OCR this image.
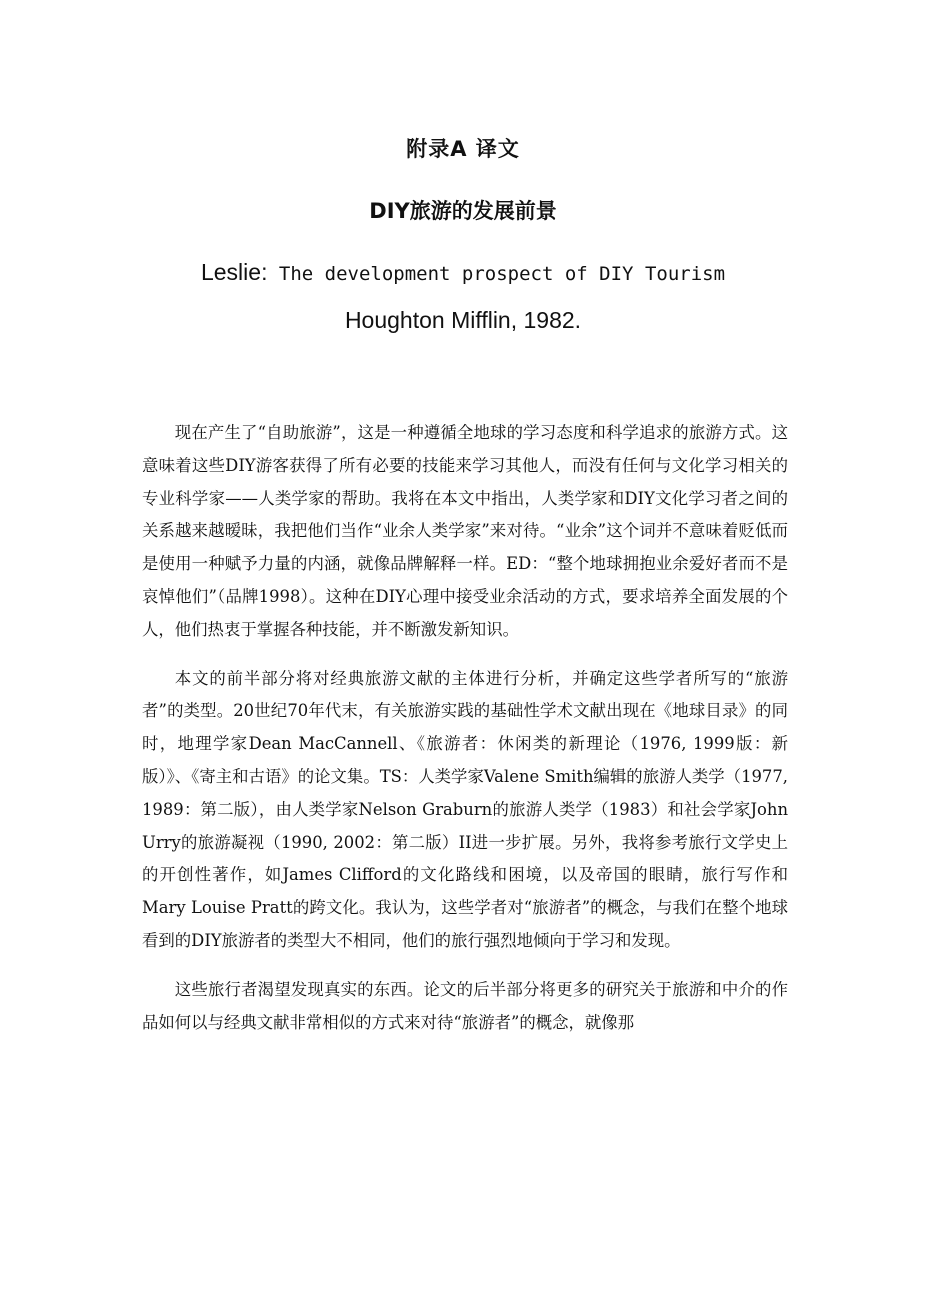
附录A 译文
DIY旅游的发展前景
Leslie: The development prospect of DIY Tourism
Houghton Mifflin, 1982.

现在产生了“自助旅游”，这是一种遵循全地球的学习态度和科学追求的旅游方式。这意味着这些DIY游客获得了所有必要的技能来学习其他人，而没有任何与文化学习相关的专业科学家——人类学家的帮助。我将在本文中指出，人类学家和DIY文化学习者之间的关系越来越暧昧，我把他们当作“业余人类学家”来对待。“业余”这个词并不意味着贬低而是使用一种赋予力量的内涵，就像品牌解释一样。ED：“整个地球拥抱业余爱好者而不是哀悼他们”（品牌1998）。这种在DIY心理中接受业余活动的方式，要求培养全面发展的个人，他们热衷于掌握各种技能，并不断激发新知识。

本文的前半部分将对经典旅游文献的主体进行分析，并确定这些学者所写的“旅游者”的类型。20世纪70年代末，有关旅游实践的基础性学术文献出现在《地球目录》的同时，地理学家Dean MacCannell、《旅游者：休闲类的新理论（1976, 1999版：新版）》、《寄主和古语》的论文集。TS：人类学家Valene Smith编辑的旅游人类学（1977, 1989：第二版），由人类学家Nelson Graburn的旅游人类学（1983）和社会学家John Urry的旅游凝视（1990, 2002：第二版）II进一步扩展。另外，我将参考旅行文学史上的开创性著作，如James Clifford的文化路线和困境，以及帝国的眼睛，旅行写作和Mary Louise Pratt的跨文化。我认为，这些学者对“旅游者”的概念，与我们在整个地球看到的DIY旅游者的类型大不相同，他们的旅行强烈地倾向于学习和发现。

这些旅行者渴望发现真实的东西。论文的后半部分将更多的研究关于旅游和中介的作品如何以与经典文献非常相似的方式来对待“旅游者”的概念，就像那
